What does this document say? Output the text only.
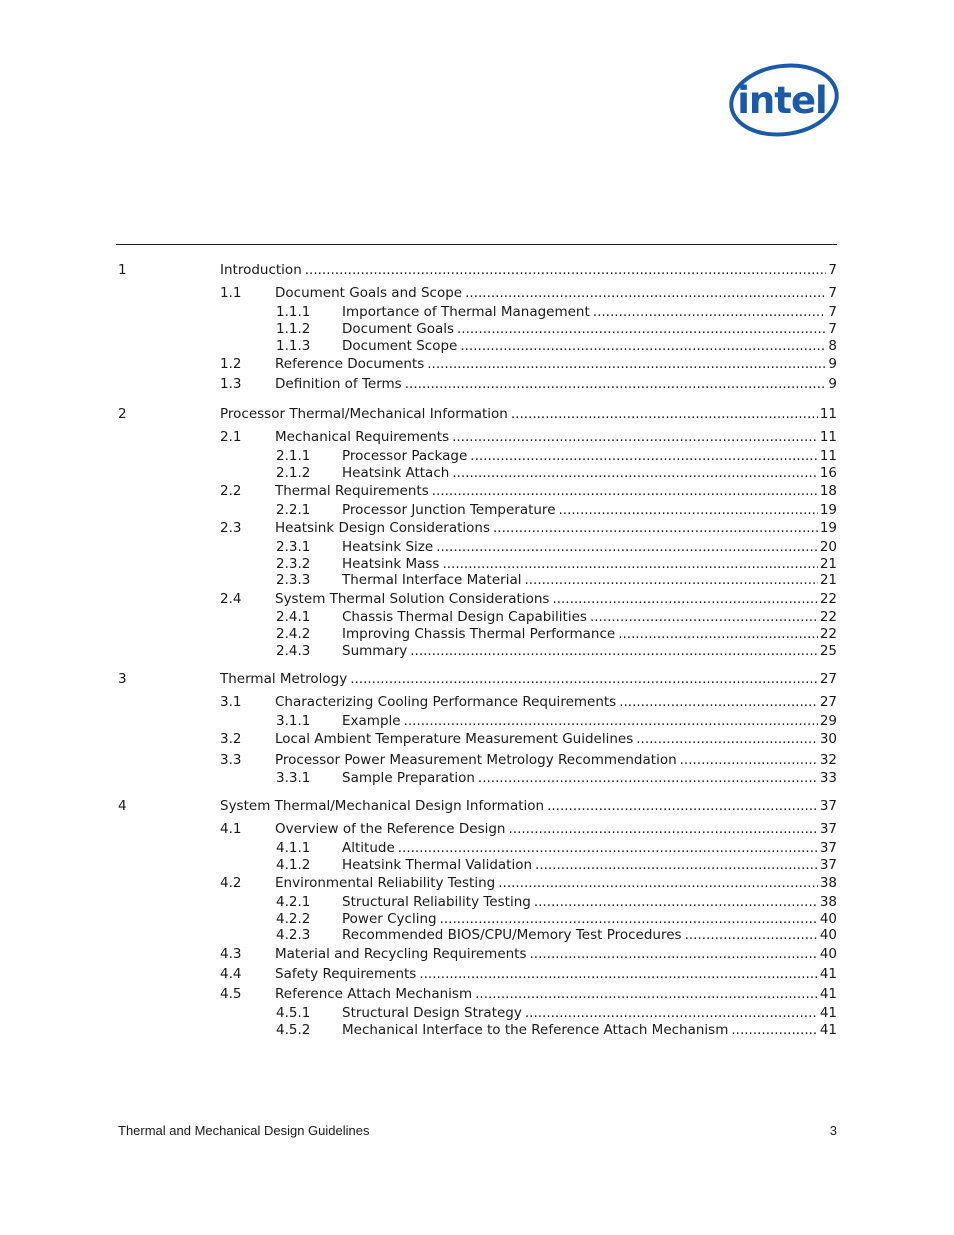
intel
1	Introduction .....	7
1.1 Document Goals and Scope .....	7
1.1.1 Importance of Thermal Management .....	7
1.1.2 Document Goals .....	7
1.1.3 Document Scope .....	8
1.2 Reference Documents .....	9
1.3 Definition of Terms .....	9
2	Processor Thermal/Mechanical Information .....	11
2.1 Mechanical Requirements .....	11
2.1.1 Processor Package .....	11
2.1.2 Heatsink Attach .....	16
2.2 Thermal Requirements .....	18
2.2.1 Processor Junction Temperature .....	19
2.3 Heatsink Design Considerations .....	19
2.3.1 Heatsink Size .....	20
2.3.2 Heatsink Mass .....	21
2.3.3 Thermal Interface Material .....	21
2.4 System Thermal Solution Considerations .....	22
2.4.1 Chassis Thermal Design Capabilities .....	22
2.4.2 Improving Chassis Thermal Performance .....	22
2.4.3 Summary .....	25
3	Thermal Metrology .....	27
3.1 Characterizing Cooling Performance Requirements .....	27
3.1.1 Example .....	29
3.2 Local Ambient Temperature Measurement Guidelines .....	30
3.3 Processor Power Measurement Metrology Recommendation .....	32
3.3.1 Sample Preparation .....	33
4	System Thermal/Mechanical Design Information .....	37
4.1 Overview of the Reference Design .....	37
4.1.1 Altitude .....	37
4.1.2 Heatsink Thermal Validation .....	37
4.2 Environmental Reliability Testing .....	38
4.2.1 Structural Reliability Testing .....	38
4.2.2 Power Cycling .....	40
4.2.3 Recommended BIOS/CPU/Memory Test Procedures .....	40
4.3 Material and Recycling Requirements .....	40
4.4 Safety Requirements .....	41
4.5 Reference Attach Mechanism .....	41
4.5.1 Structural Design Strategy .....	41
4.5.2 Mechanical Interface to the Reference Attach Mechanism .....	41
Thermal and Mechanical Design Guidelines	3
